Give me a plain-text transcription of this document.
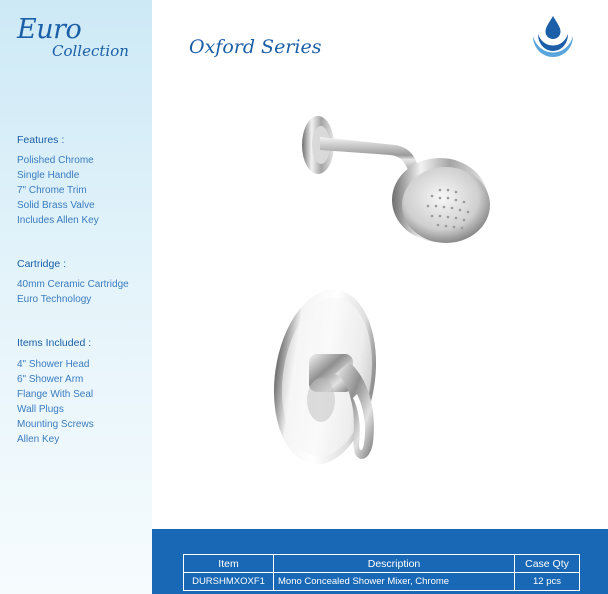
Euro
Collection
Features :
Polished Chrome
Single Handle
7" Chrome Trim
Solid Brass Valve
Includes Allen Key
Cartridge :
40mm Ceramic Cartridge
Euro Technology
Items Included :
4" Shower Head
6" Shower Arm
Flange With Seal
Wall Plugs
Mounting Screws
Allen Key
Oxford Series
Item	Description	Case Qty
DURSHMXOXF1	Mono Concealed Shower Mixer, Chrome	12 pcs
